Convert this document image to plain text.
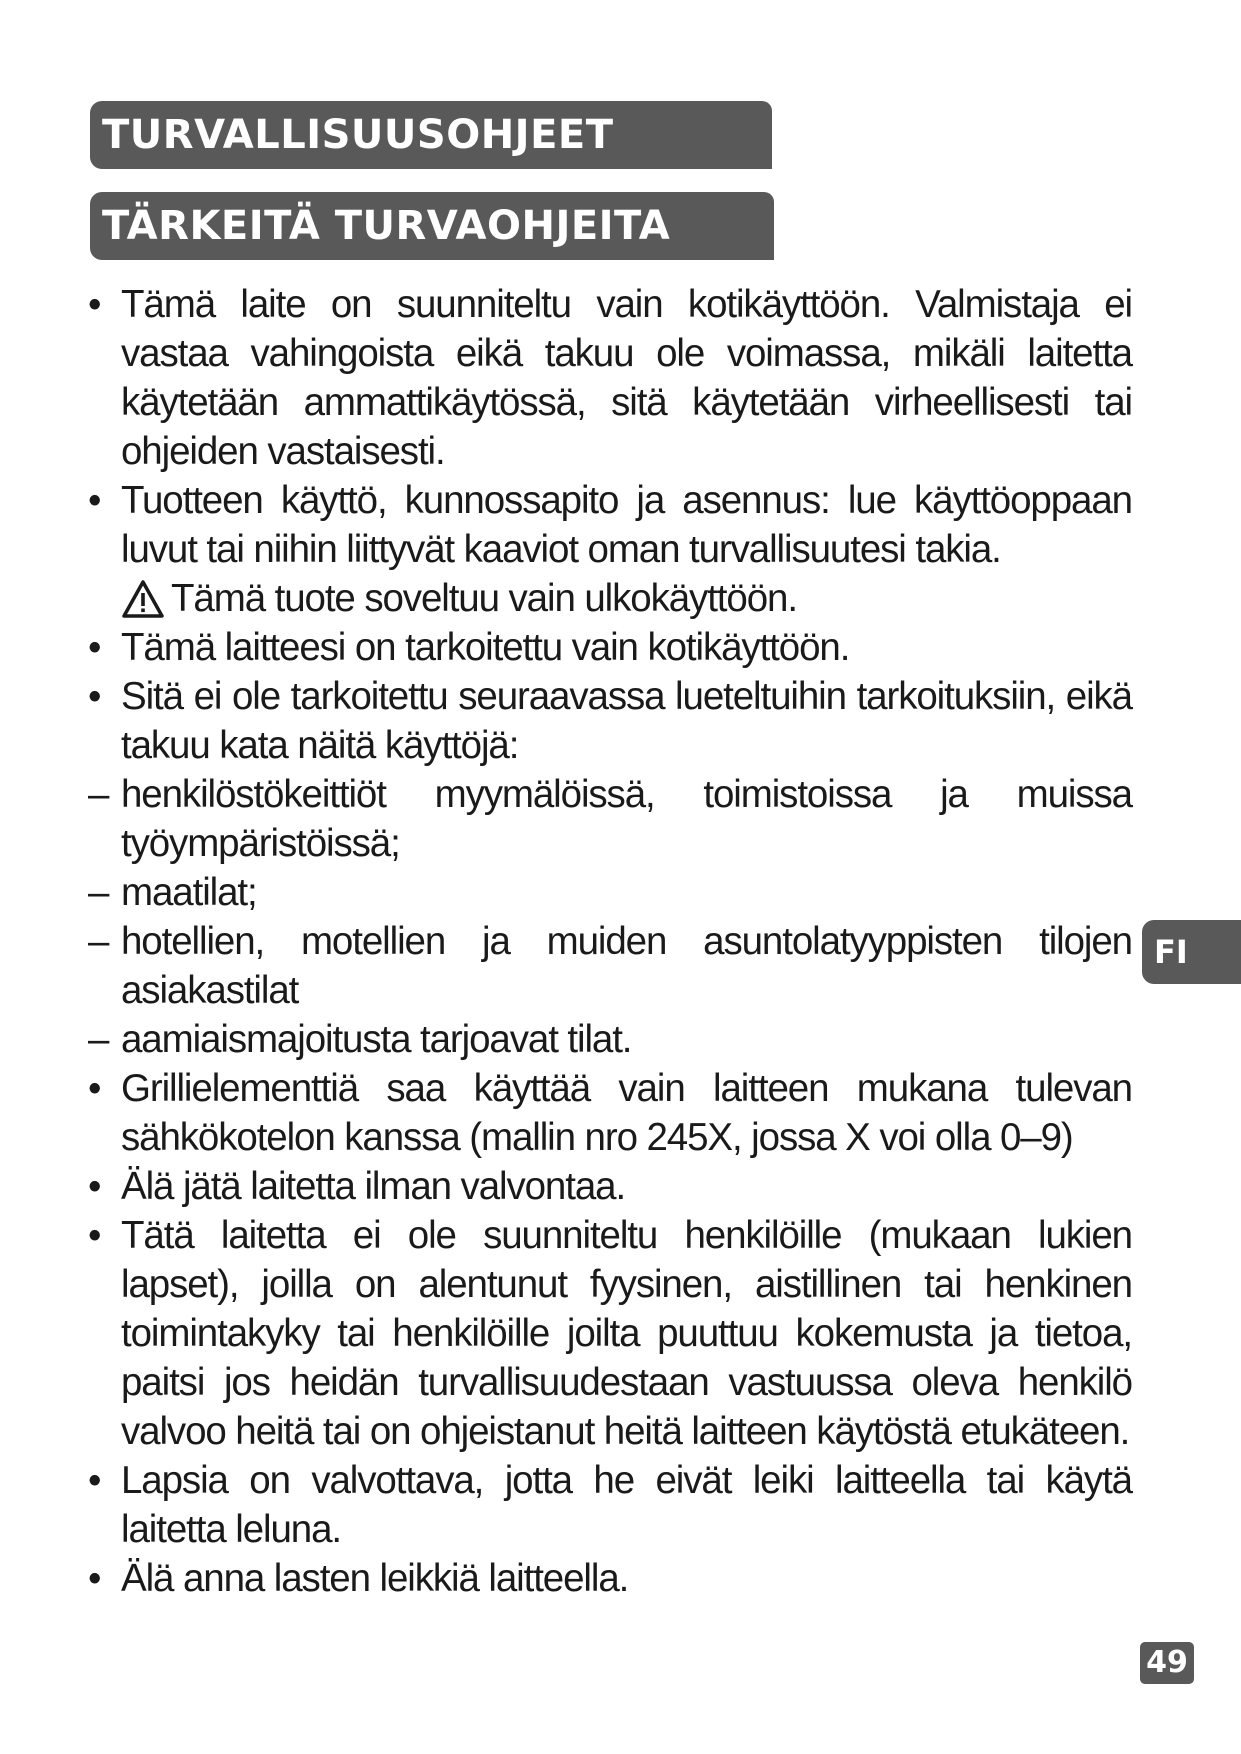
TURVALLISUUSOHJEET
TÄRKEITÄ TURVAOHJEITA
• Tämä laite on suunniteltu vain kotikäyttöön. Valmistaja ei vastaa vahingoista eikä takuu ole voimassa, mikäli laitetta käytetään ammattikäytössä, sitä käytetään virheellisesti tai ohjeiden vastaisesti.
• Tuotteen käyttö, kunnossapito ja asennus: lue käyttöoppaan luvut tai niihin liittyvät kaaviot oman turvallisuutesi takia.
Tämä tuote soveltuu vain ulkokäyttöön.
• Tämä laitteesi on tarkoitettu vain kotikäyttöön.
• Sitä ei ole tarkoitettu seuraavassa lueteltuihin tarkoituksiin, eikä takuu kata näitä käyttöjä:
– henkilöstökeittiöt myymälöissä, toimistoissa ja muissa työympäristöissä;
– maatilat;
– hotellien, motellien ja muiden asuntolatyyppisten tilojen asiakastilat
– aamiaismajoitusta tarjoavat tilat.
• Grillielementtiä saa käyttää vain laitteen mukana tulevan sähkökotelon kanssa (mallin nro 245X, jossa X voi olla 0–9)
• Älä jätä laitetta ilman valvontaa.
• Tätä laitetta ei ole suunniteltu henkilöille (mukaan lukien lapset), joilla on alentunut fyysinen, aistillinen tai henkinen toimintakyky tai henkilöille joilta puuttuu kokemusta ja tietoa, paitsi jos heidän turvallisuudestaan vastuussa oleva henkilö valvoo heitä tai on ohjeistanut heitä laitteen käytöstä etukäteen.
• Lapsia on valvottava, jotta he eivät leiki laitteella tai käytä laitetta leluna.
• Älä anna lasten leikkiä laitteella.
FI
49
